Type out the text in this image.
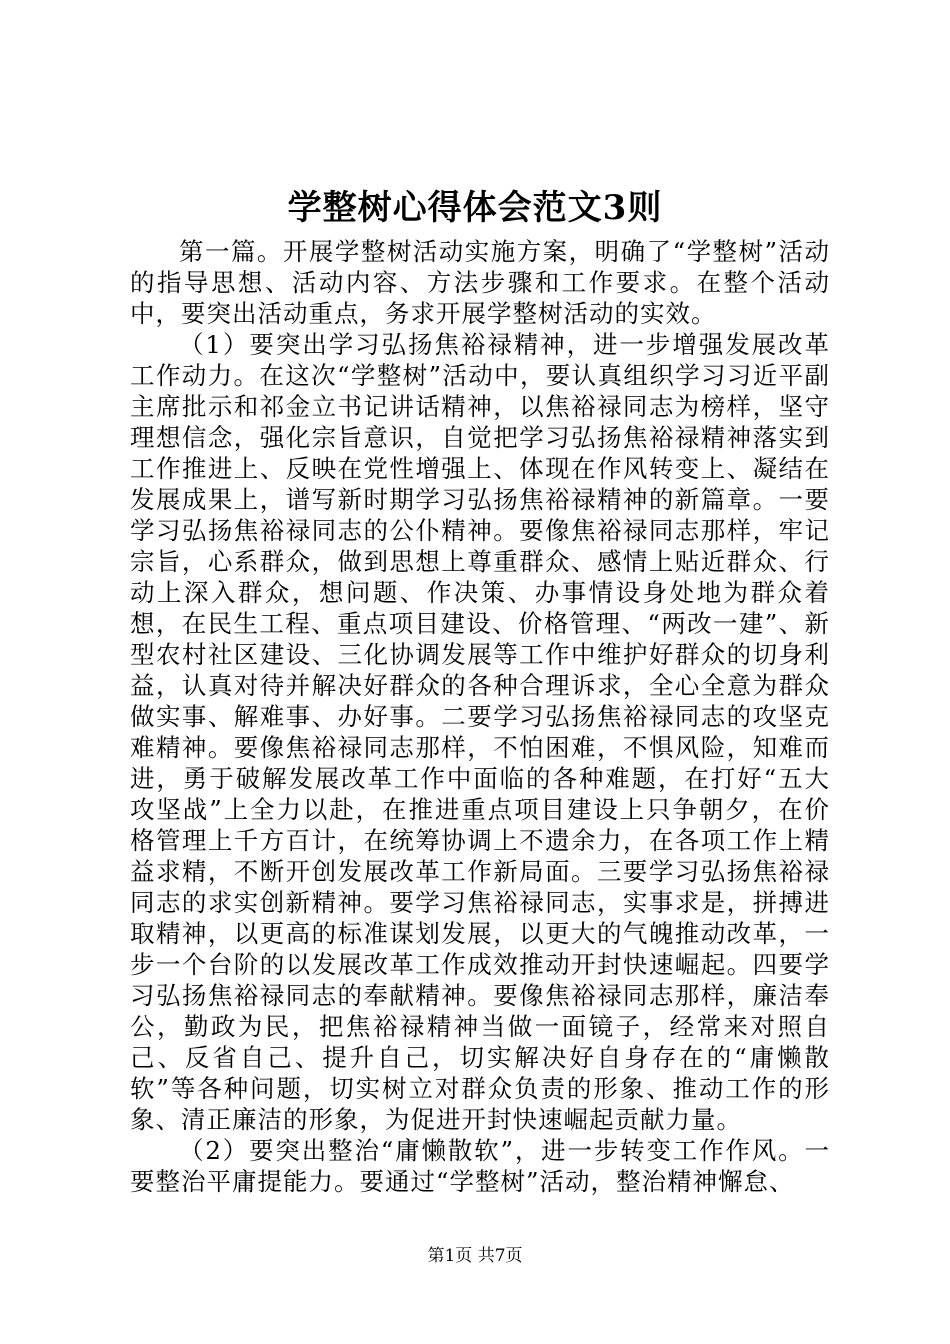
学整树心得体会范文3则

第一篇。开展学整树活动实施方案，明确了“学整树”活动的指导思想、活动内容、方法步骤和工作要求。在整个活动中，要突出活动重点，务求开展学整树活动的实效。

（1）要突出学习弘扬焦裕禄精神，进一步增强发展改革工作动力。在这次“学整树”活动中，要认真组织学习习近平副主席批示和祁金立书记讲话精神，以焦裕禄同志为榜样，坚守理想信念，强化宗旨意识，自觉把学习弘扬焦裕禄精神落实到工作推进上、反映在党性增强上、体现在作风转变上、凝结在发展成果上，谱写新时期学习弘扬焦裕禄精神的新篇章。一要学习弘扬焦裕禄同志的公仆精神。要像焦裕禄同志那样，牢记宗旨，心系群众，做到思想上尊重群众、感情上贴近群众、行动上深入群众，想问题、作决策、办事情设身处地为群众着想，在民生工程、重点项目建设、价格管理、“两改一建”、新型农村社区建设、三化协调发展等工作中维护好群众的切身利益，认真对待并解决好群众的各种合理诉求，全心全意为群众做实事、解难事、办好事。二要学习弘扬焦裕禄同志的攻坚克难精神。要像焦裕禄同志那样，不怕困难，不惧风险，知难而进，勇于破解发展改革工作中面临的各种难题，在打好“五大攻坚战”上全力以赴，在推进重点项目建设上只争朝夕，在价格管理上千方百计，在统筹协调上不遗余力，在各项工作上精益求精，不断开创发展改革工作新局面。三要学习弘扬焦裕禄同志的求实创新精神。要学习焦裕禄同志，实事求是，拼搏进取精神，以更高的标准谋划发展，以更大的气魄推动改革，一步一个台阶的以发展改革工作成效推动开封快速崛起。四要学习弘扬焦裕禄同志的奉献精神。要像焦裕禄同志那样，廉洁奉公，勤政为民，把焦裕禄精神当做一面镜子，经常来对照自己、反省自己、提升自己，切实解决好自身存在的“庸懒散软”等各种问题，切实树立对群众负责的形象、推动工作的形象、清正廉洁的形象，为促进开封快速崛起贡献力量。

（2）要突出整治“庸懒散软”，进一步转变工作作风。一要整治平庸提能力。要通过“学整树”活动，整治精神懈怠、

第1页 共7页
